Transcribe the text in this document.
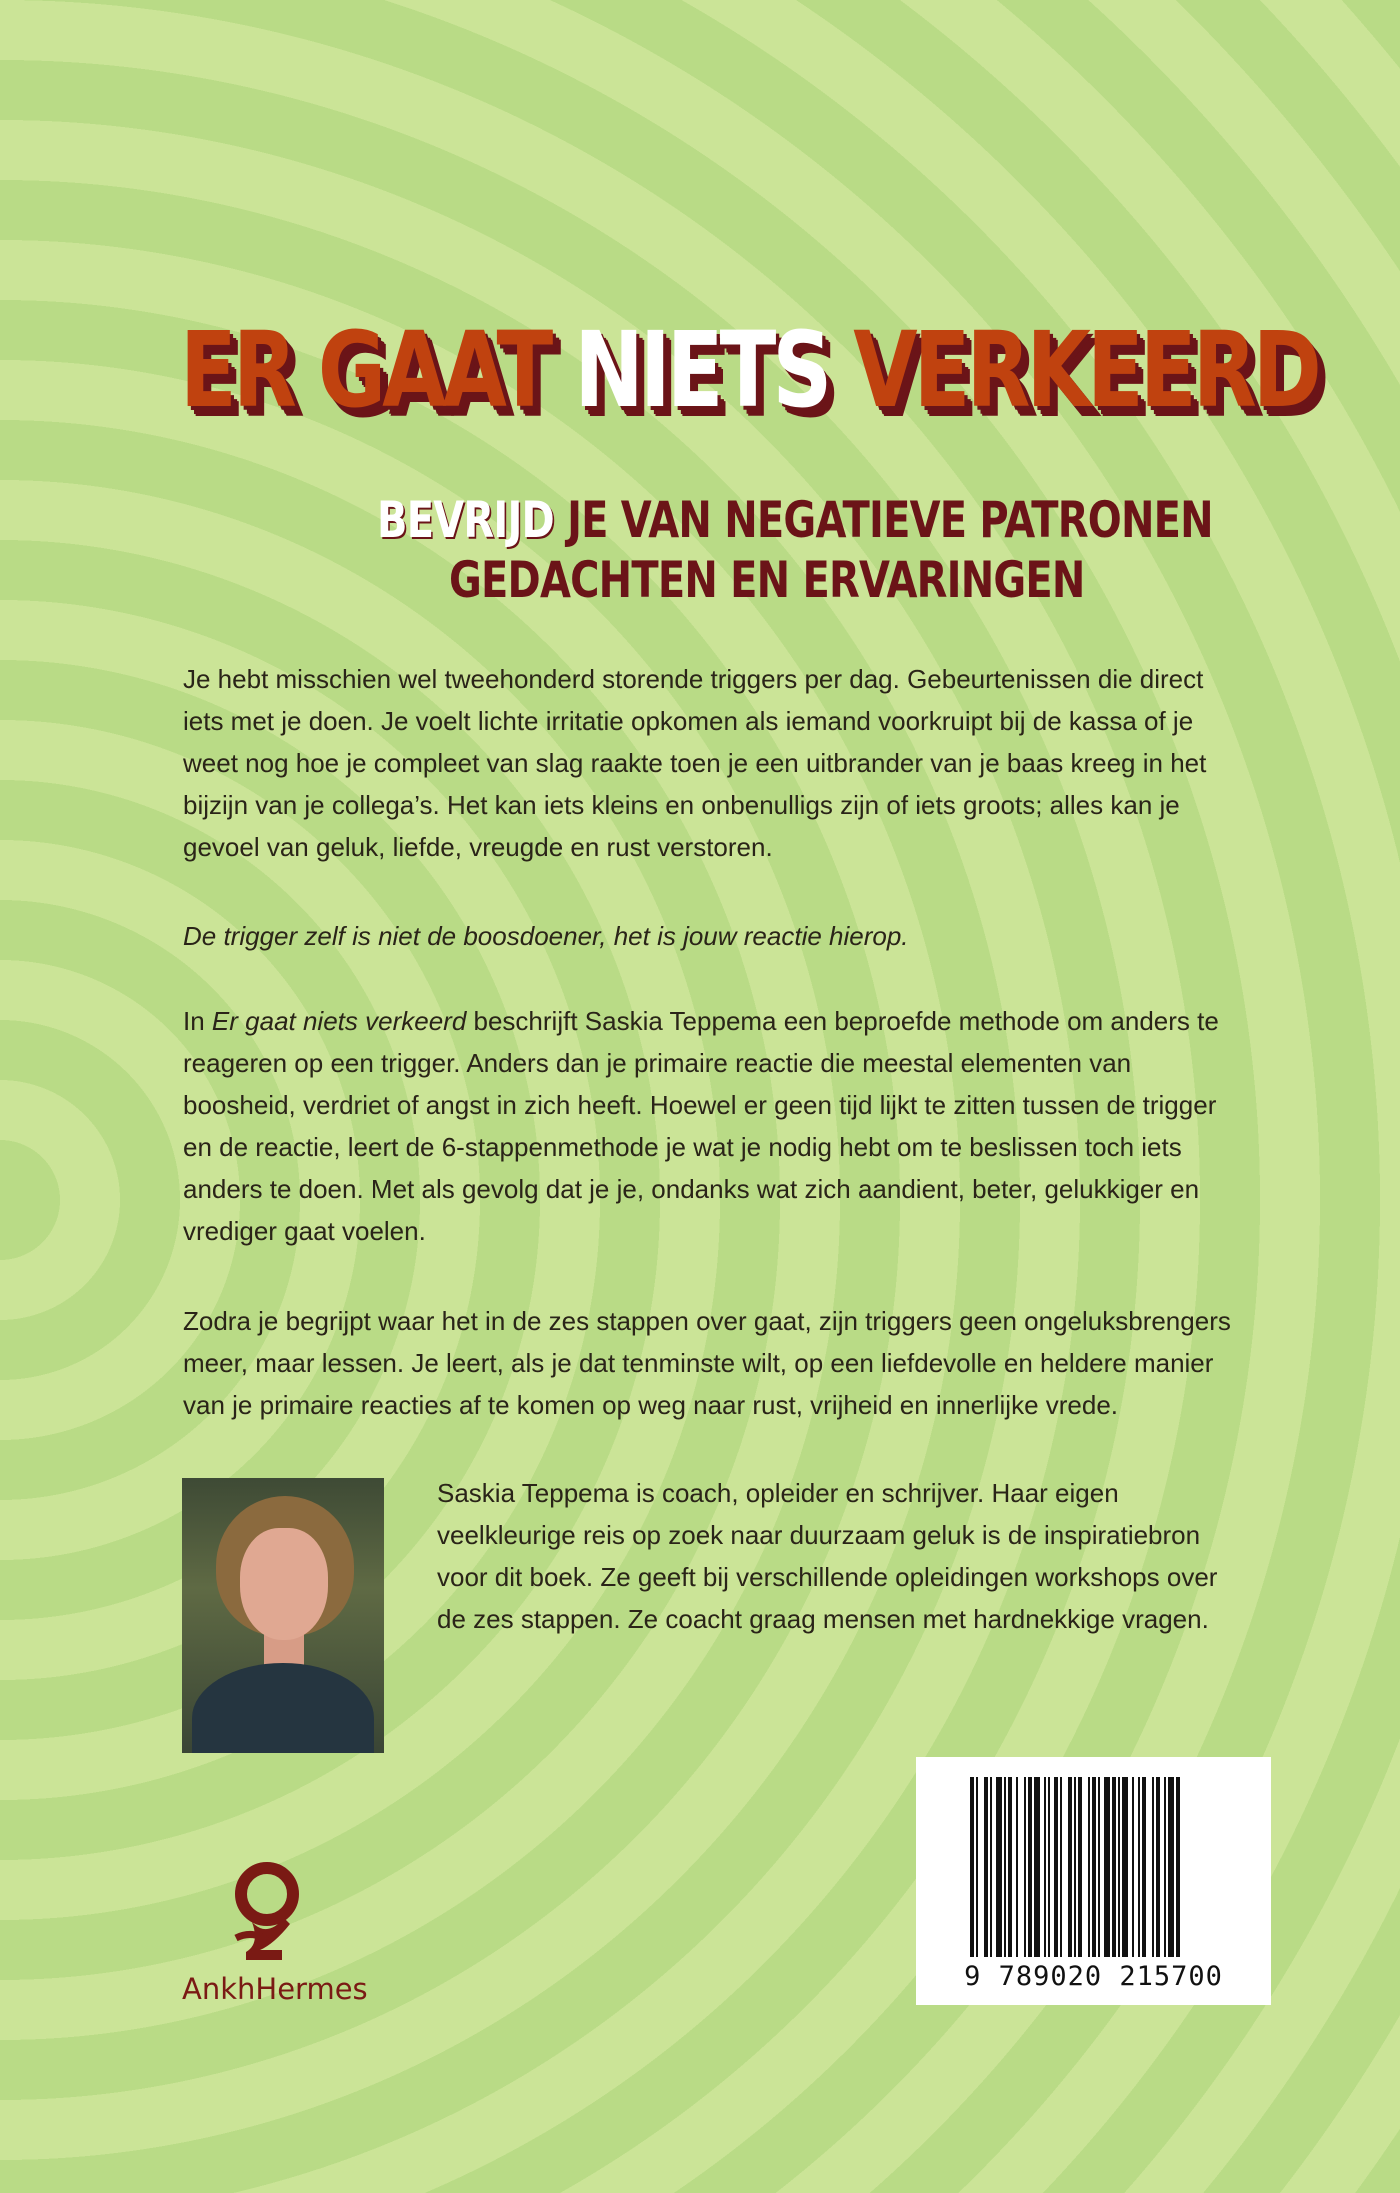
ER GAAT NIETS VERKEERD
BEVRIJD JE VAN NEGATIEVE PATRONEN
GEDACHTEN EN ERVARINGEN

Je hebt misschien wel tweehonderd storende triggers per dag. Gebeurtenissen die direct iets met je doen. Je voelt lichte irritatie opkomen als iemand voorkruipt bij de kassa of je weet nog hoe je compleet van slag raakte toen je een uitbrander van je baas kreeg in het bijzijn van je collega’s. Het kan iets kleins en onbenulligs zijn of iets groots; alles kan je gevoel van geluk, liefde, vreugde en rust verstoren.

De trigger zelf is niet de boosdoener, het is jouw reactie hierop.

In Er gaat niets verkeerd beschrijft Saskia Teppema een beproefde methode om anders te reageren op een trigger. Anders dan je primaire reactie die meestal elementen van boosheid, verdriet of angst in zich heeft. Hoewel er geen tijd lijkt te zitten tussen de trigger en de reactie, leert de 6-stappenmethode je wat je nodig hebt om te beslissen toch iets anders te doen. Met als gevolg dat je je, ondanks wat zich aandient, beter, gelukkiger en vrediger gaat voelen.

Zodra je begrijpt waar het in de zes stappen over gaat, zijn triggers geen ongeluksbrengers meer, maar lessen. Je leert, als je dat tenminste wilt, op een liefdevolle en heldere manier van je primaire reacties af te komen op weg naar rust, vrijheid en innerlijke vrede.

Saskia Teppema is coach, opleider en schrijver. Haar eigen veelkleurige reis op zoek naar duurzaam geluk is de inspiratiebron voor dit boek. Ze geeft bij verschillende opleidingen workshops over de zes stappen. Ze coacht graag mensen met hardnekkige vragen.

9 789020 215700
AnkhHermes
